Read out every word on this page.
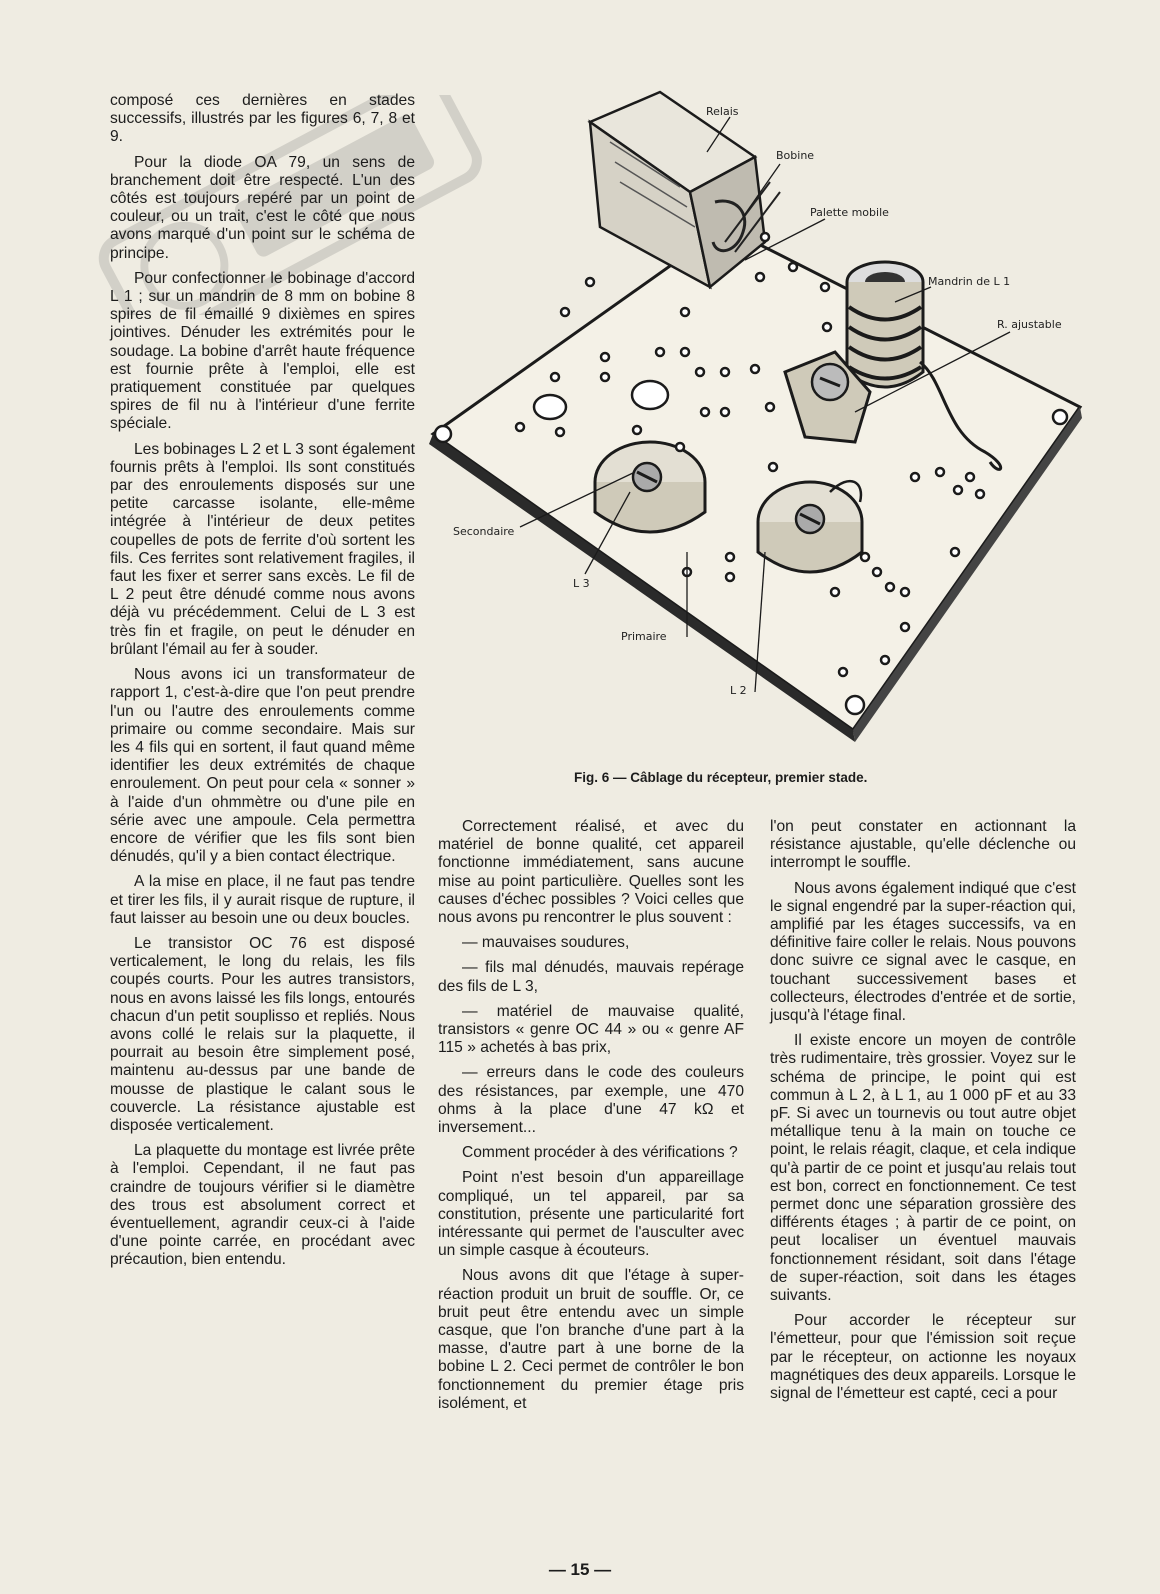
composé ces dernières en stades successifs, illustrés par les figures 6, 7, 8 et 9.

Pour la diode OA 79, un sens de branchement doit être respecté. L'un des côtés est toujours repéré par un point de couleur, ou un trait, c'est le côté que nous avons marqué d'un point sur le schéma de principe.

Pour confectionner le bobinage d'accord L 1 ; sur un mandrin de 8 mm on bobine 8 spires de fil émaillé 9 dixièmes en spires jointives. Dénuder les extrémités pour le soudage. La bobine d'arrêt haute fréquence est fournie prête à l'emploi, elle est pratiquement constituée par quelques spires de fil nu à l'intérieur d'une ferrite spéciale.

Les bobinages L 2 et L 3 sont également fournis prêts à l'emploi. Ils sont constitués par des enroulements disposés sur une petite carcasse isolante, elle-même intégrée à l'intérieur de deux petites coupelles de pots de ferrite d'où sortent les fils. Ces ferrites sont relativement fragiles, il faut les fixer et serrer sans excès. Le fil de L 2 peut être dénudé comme nous avons déjà vu précédemment. Celui de L 3 est très fin et fragile, on peut le dénuder en brûlant l'émail au fer à souder.

Nous avons ici un transformateur de rapport 1, c'est-à-dire que l'on peut prendre l'un ou l'autre des enroulements comme primaire ou comme secondaire. Mais sur les 4 fils qui en sortent, il faut quand même identifier les deux extrémités de chaque enroulement. On peut pour cela « sonner » à l'aide d'un ohmmètre ou d'une pile en série avec une ampoule. Cela permettra encore de vérifier que les fils sont bien dénudés, qu'il y a bien contact électrique.

A la mise en place, il ne faut pas tendre et tirer les fils, il y aurait risque de rupture, il faut laisser au besoin une ou deux boucles.

Le transistor OC 76 est disposé verticalement, le long du relais, les fils coupés courts. Pour les autres transistors, nous en avons laissé les fils longs, entourés chacun d'un petit souplisso et repliés. Nous avons collé le relais sur la plaquette, il pourrait au besoin être simplement posé, maintenu au-dessus par une bande de mousse de plastique le calant sous le couvercle. La résistance ajustable est disposée verticalement.

La plaquette du montage est livrée prête à l'emploi. Cependant, il ne faut pas craindre de toujours vérifier si le diamètre des trous est absolument correct et éventuellement, agrandir ceux-ci à l'aide d'une pointe carrée, en procédant avec précaution, bien entendu.

Relais
Bobine
Palette mobile
Mandrin de L 1
R. ajustable
Secondaire
L 3
Primaire
L 2
Fig. 6 — Câblage du récepteur, premier stade.

Correctement réalisé, et avec du matériel de bonne qualité, cet appareil fonctionne immédiatement, sans aucune mise au point particulière. Quelles sont les causes d'échec possibles ? Voici celles que nous avons pu rencontrer le plus souvent :

— mauvaises soudures,

— fils mal dénudés, mauvais repérage des fils de L 3,

— matériel de mauvaise qualité, transistors « genre OC 44 » ou « genre AF 115 » achetés à bas prix,

— erreurs dans le code des couleurs des résistances, par exemple, une 470 ohms à la place d'une 47 kΩ et inversement...

Comment procéder à des vérifications ?

Point n'est besoin d'un appareillage compliqué, un tel appareil, par sa constitution, présente une particularité fort intéressante qui permet de l'ausculter avec un simple casque à écouteurs.

Nous avons dit que l'étage à super-réaction produit un bruit de souffle. Or, ce bruit peut être entendu avec un simple casque, que l'on branche d'une part à la masse, d'autre part à une borne de la bobine L 2. Ceci permet de contrôler le bon fonctionnement du premier étage pris isolément, et

l'on peut constater en actionnant la résistance ajustable, qu'elle déclenche ou interrompt le souffle.

Nous avons également indiqué que c'est le signal engendré par la super-réaction qui, amplifié par les étages successifs, va en définitive faire coller le relais. Nous pouvons donc suivre ce signal avec le casque, en touchant successivement bases et collecteurs, électrodes d'entrée et de sortie, jusqu'à l'étage final.

Il existe encore un moyen de contrôle très rudimentaire, très grossier. Voyez sur le schéma de principe, le point qui est commun à L 2, à L 1, au 1 000 pF et au 33 pF. Si avec un tournevis ou tout autre objet métallique tenu à la main on touche ce point, le relais réagit, claque, et cela indique qu'à partir de ce point et jusqu'au relais tout est bon, correct en fonctionnement. Ce test permet donc une séparation grossière des différents étages ; à partir de ce point, on peut localiser un éventuel mauvais fonctionnement résidant, soit dans l'étage de super-réaction, soit dans les étages suivants.

Pour accorder le récepteur sur l'émetteur, pour que l'émission soit reçue par le récepteur, on actionne les noyaux magnétiques des deux appareils. Lorsque le signal de l'émetteur est capté, ceci a pour

— 15 —
